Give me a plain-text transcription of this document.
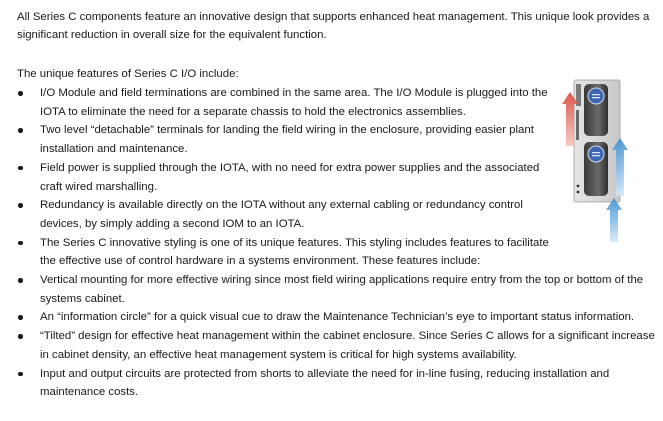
All Series C components feature an innovative design that supports enhanced heat management. This unique look provides a significant reduction in overall size for the equivalent function.

The unique features of Series C I/O include:

I/O Module and field terminations are combined in the same area. The I/O Module is plugged into the IOTA to eliminate the need for a separate chassis to hold the electronics assemblies.
Two level “detachable” terminals for landing the field wiring in the enclosure, providing easier plant installation and maintenance.
Field power is supplied through the IOTA, with no need for extra power supplies and the associated craft wired marshalling.
Redundancy is available directly on the IOTA without any external cabling or redundancy control devices, by simply adding a second IOM to an IOTA.
The Series C innovative styling is one of its unique features. This styling includes features to facilitate the effective use of control hardware in a systems environment. These features include:
Vertical mounting for more effective wiring since most field wiring applications require entry from the top or bottom of the systems cabinet.
An “information circle” for a quick visual cue to draw the Maintenance Technician’s eye to important status information.
“Tilted” design for effective heat management within the cabinet enclosure. Since Series C allows for a significant increase in cabinet density, an effective heat management system is critical for high systems availability.
Input and output circuits are protected from shorts to alleviate the need for in-line fusing, reducing installation and maintenance costs.
